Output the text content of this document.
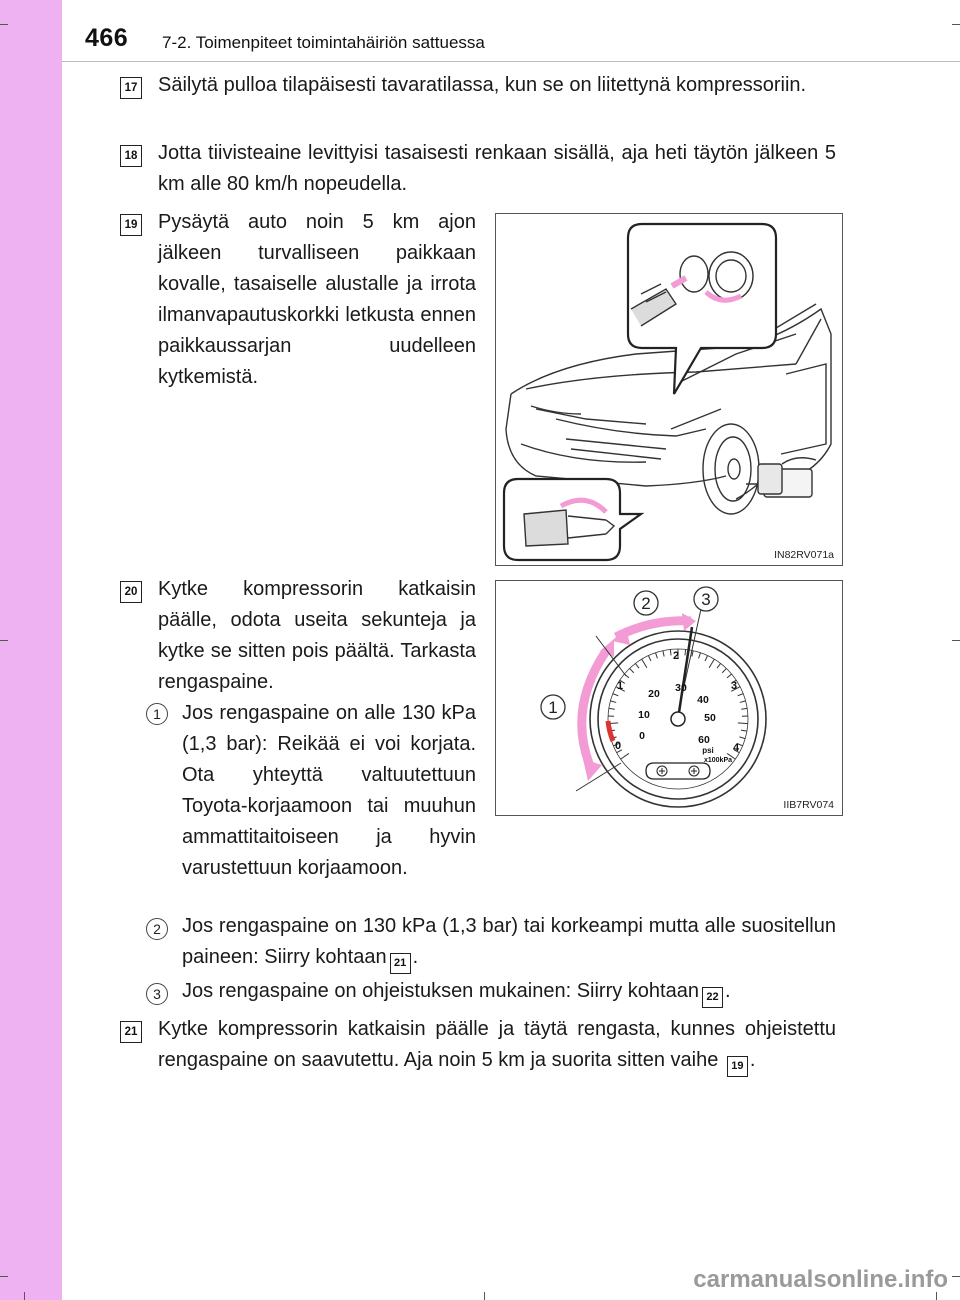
466 7-2. Toimenpiteet toimintahäiriön sattuessa
17 Säilytä pulloa tilapäisesti tavaratilassa, kun se on liitettynä kompressoriin.
18 Jotta tiivisteaine levittyisi tasaisesti renkaan sisällä, aja heti täytön jälkeen 5 km alle 80 km/h nopeudella.
19 Pysäytä auto noin 5 km ajon jälkeen turvalliseen paikkaan kovalle, tasaiselle alustalle ja irrota ilmanvapautuskorkki letkusta ennen paikkaussarjan uudelleen kytkemistä.
IN82RV071a
20 Kytke kompressorin katkaisin päälle, odota useita sekunteja ja kytke se sitten pois päältä. Tarkasta rengaspaine.
1	Jos rengaspaine on alle 130 kPa (1,3 bar): Reikää ei voi korjata. Ota yhteyttä valtuutettuun Toyota-korjaamoon tai muuhun ammattitaitoiseen ja hyvin varustettuun korjaamoon.
1
2	3
0
1
2
3
4
0
10
20 30
40
50
60
psi
x100kPa
IIB7RV074
2	Jos rengaspaine on 130 kPa (1,3 bar) tai korkeampi mutta alle suositellun paineen: Siirry kohtaan 21 .
3	Jos rengaspaine on ohjeistuksen mukainen: Siirry kohtaan 22 .
21 Kytke kompressorin katkaisin päälle ja täytä rengasta, kunnes ohjeistettu rengaspaine on saavutettu. Aja noin 5 km ja suorita sitten vaihe 19 .
carmanualsonline.info
